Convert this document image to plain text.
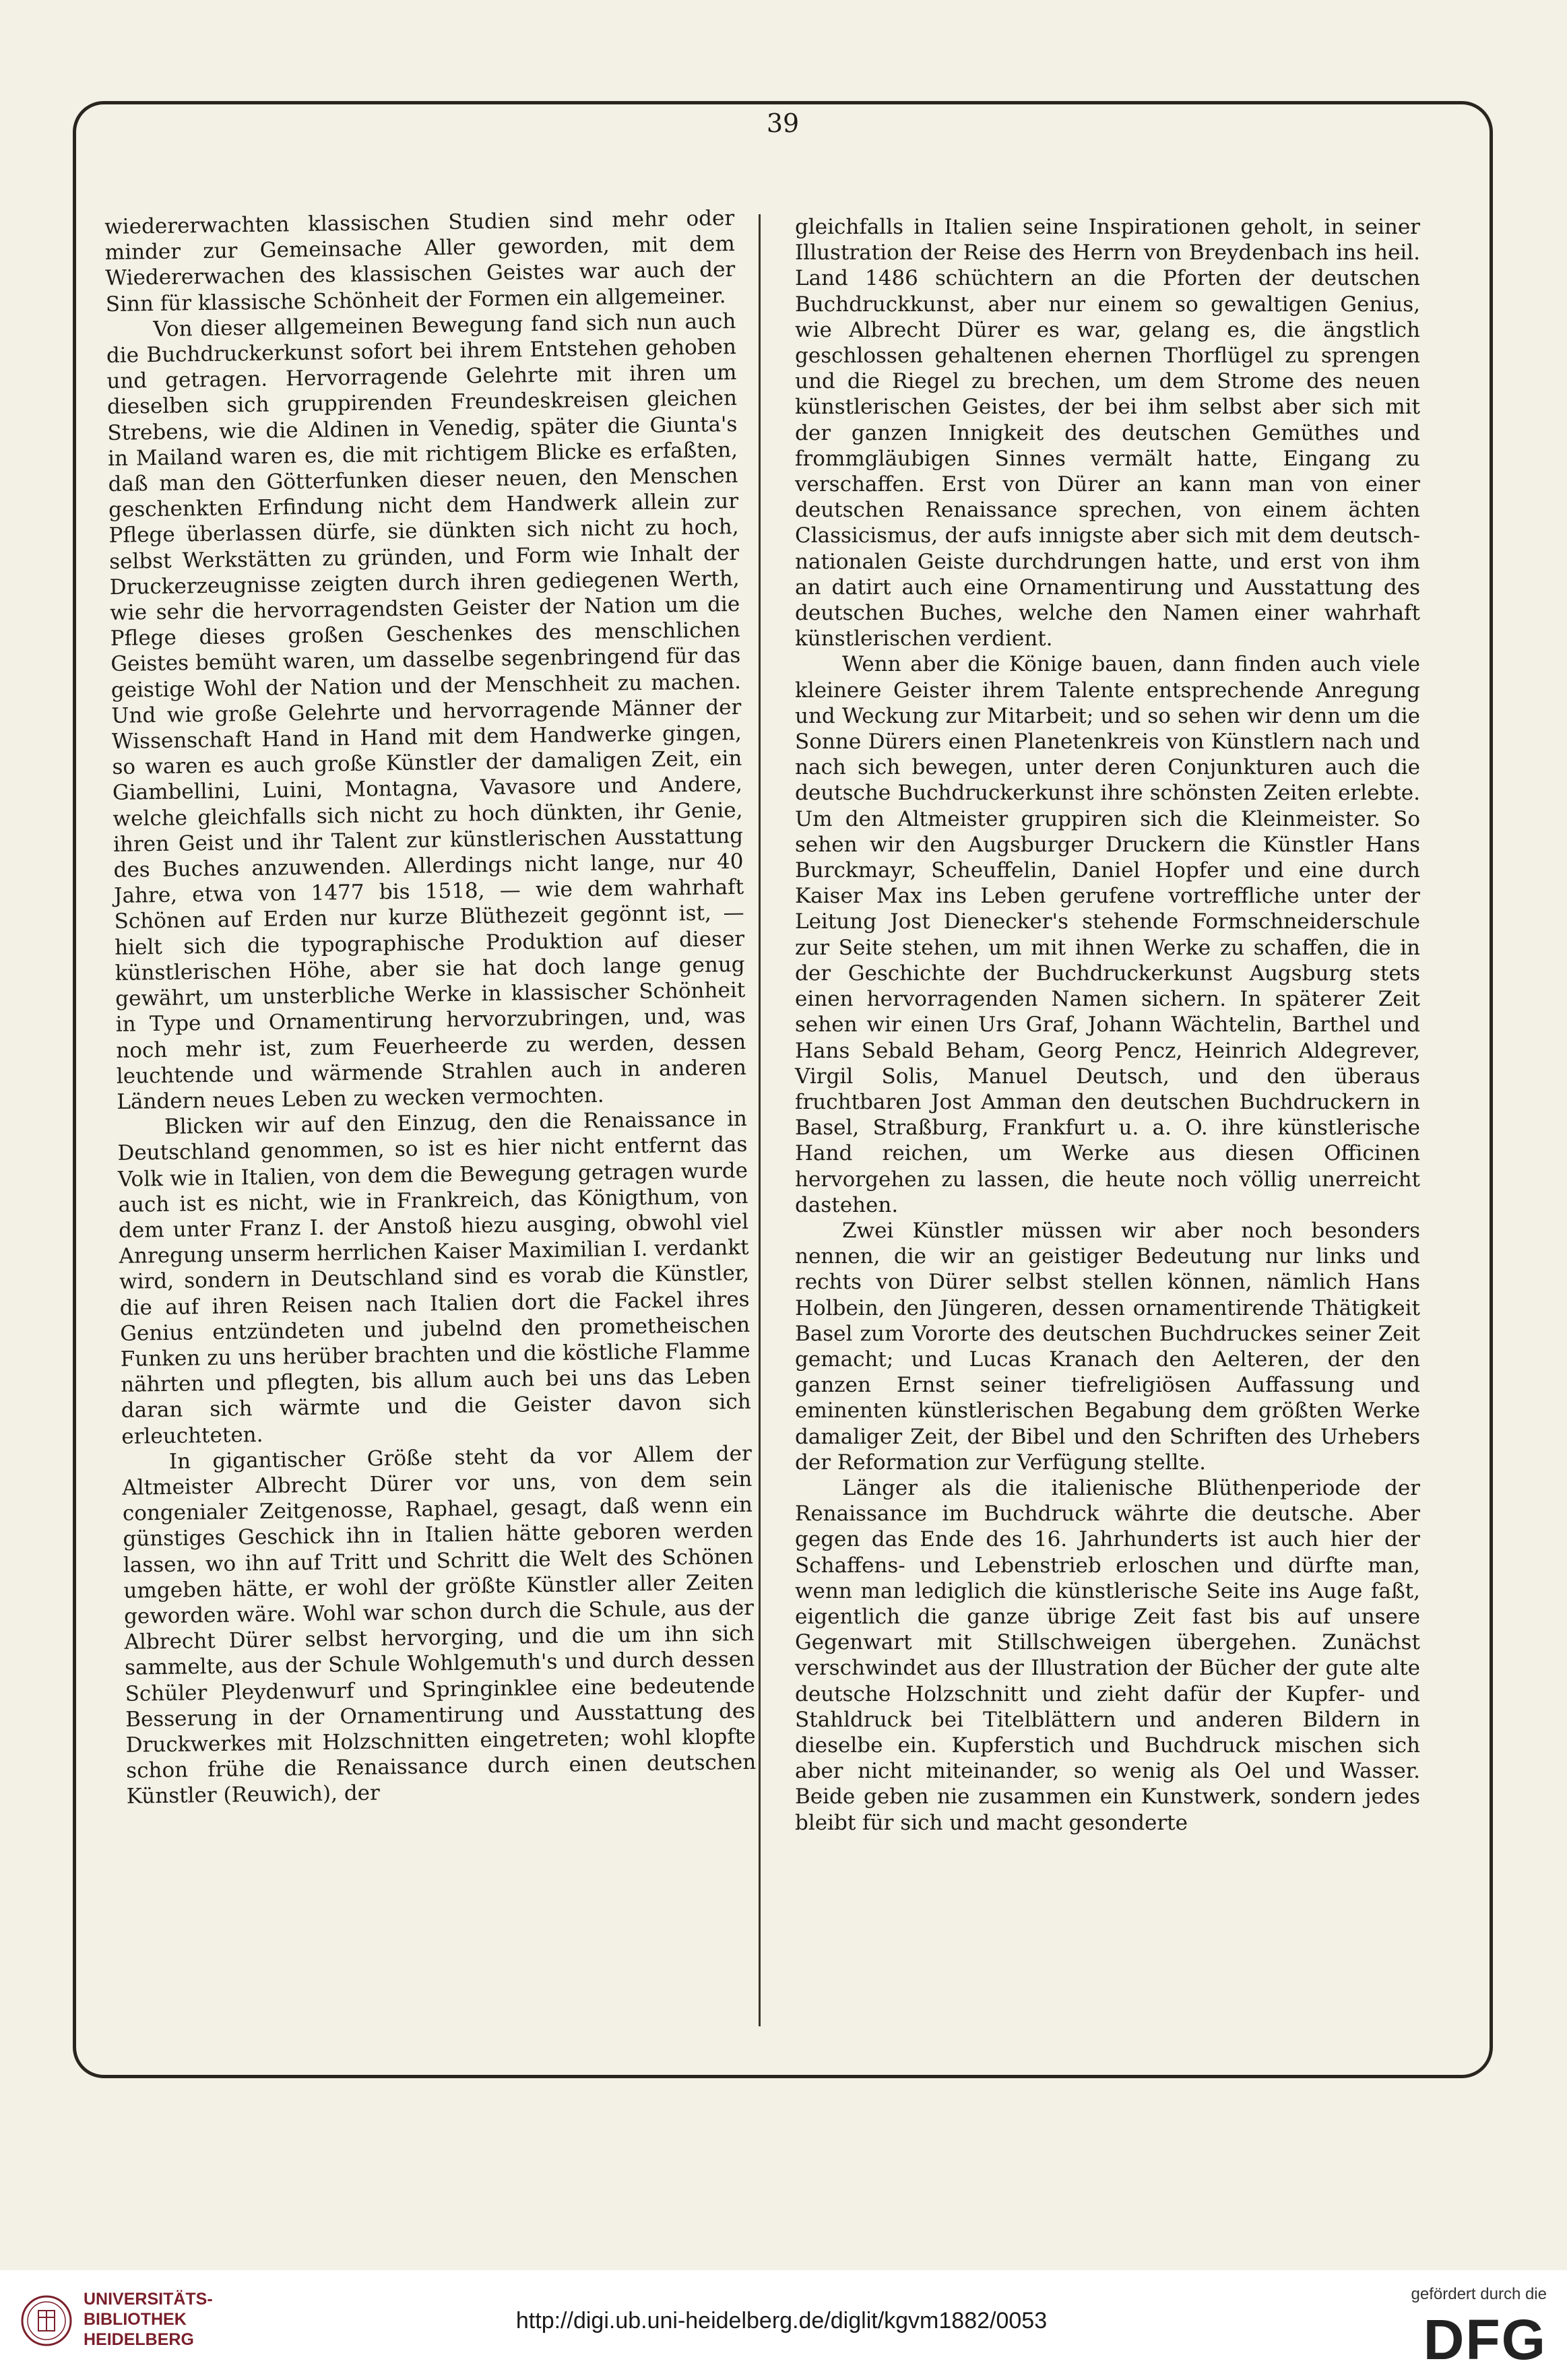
39

wiedererwachten klassischen Studien sind mehr oder minder zur Gemeinsache Aller geworden, mit dem Wiedererwachen des klassischen Geistes war auch der Sinn für klassische Schönheit der Formen ein allgemeiner.

Von dieser allgemeinen Bewegung fand sich nun auch die Buchdruckerkunst sofort bei ihrem Entstehen gehoben und getragen. Hervorragende Gelehrte mit ihren um dieselben sich gruppirenden Freundeskreisen gleichen Strebens, wie die Aldinen in Venedig, später die Giunta's in Mailand waren es, die mit richtigem Blicke es erfaßten, daß man den Götterfunken dieser neuen, den Menschen geschenkten Erfindung nicht dem Handwerk allein zur Pflege überlassen dürfe, sie dünkten sich nicht zu hoch, selbst Werkstätten zu gründen, und Form wie Inhalt der Druckerzeugnisse zeigten durch ihren gediegenen Werth, wie sehr die hervorragendsten Geister der Nation um die Pflege dieses großen Geschenkes des menschlichen Geistes bemüht waren, um dasselbe segenbringend für das geistige Wohl der Nation und der Menschheit zu machen. Und wie große Gelehrte und hervorragende Männer der Wissenschaft Hand in Hand mit dem Handwerke gingen, so waren es auch große Künstler der damaligen Zeit, ein Giambellini, Luini, Montagna, Vavasore und Andere, welche gleichfalls sich nicht zu hoch dünkten, ihr Genie, ihren Geist und ihr Talent zur künstlerischen Ausstattung des Buches anzuwenden. Allerdings nicht lange, nur 40 Jahre, etwa von 1477 bis 1518, — wie dem wahrhaft Schönen auf Erden nur kurze Blüthezeit gegönnt ist, — hielt sich die typographische Produktion auf dieser künstlerischen Höhe, aber sie hat doch lange genug gewährt, um unsterbliche Werke in klassischer Schönheit in Type und Ornamentirung hervorzubringen, und, was noch mehr ist, zum Feuerheerde zu werden, dessen leuchtende und wärmende Strahlen auch in anderen Ländern neues Leben zu wecken vermochten.

Blicken wir auf den Einzug, den die Renaissance in Deutschland genommen, so ist es hier nicht entfernt das Volk wie in Italien, von dem die Bewegung getragen wurde auch ist es nicht, wie in Frankreich, das Königthum, von dem unter Franz I. der Anstoß hiezu ausging, obwohl viel Anregung unserm herrlichen Kaiser Maximilian I. verdankt wird, sondern in Deutschland sind es vorab die Künstler, die auf ihren Reisen nach Italien dort die Fackel ihres Genius entzündeten und jubelnd den prometheischen Funken zu uns herüber brachten und die köstliche Flamme nährten und pflegten, bis allum auch bei uns das Leben daran sich wärmte und die Geister davon sich erleuchteten.

In gigantischer Größe steht da vor Allem der Altmeister Albrecht Dürer vor uns, von dem sein congenialer Zeitgenosse, Raphael, gesagt, daß wenn ein günstiges Geschick ihn in Italien hätte geboren werden lassen, wo ihn auf Tritt und Schritt die Welt des Schönen umgeben hätte, er wohl der größte Künstler aller Zeiten geworden wäre. Wohl war schon durch die Schule, aus der Albrecht Dürer selbst hervorging, und die um ihn sich sammelte, aus der Schule Wohlgemuth's und durch dessen Schüler Pleydenwurf und Springinklee eine bedeutende Besserung in der Ornamentirung und Ausstattung des Druckwerkes mit Holzschnitten eingetreten; wohl klopfte schon frühe die Renaissance durch einen deutschen Künstler (Reuwich), der

gleichfalls in Italien seine Inspirationen geholt, in seiner Illustration der Reise des Herrn von Breydenbach ins heil. Land 1486 schüchtern an die Pforten der deutschen Buchdruckkunst, aber nur einem so gewaltigen Genius, wie Albrecht Dürer es war, gelang es, die ängstlich geschlossen gehaltenen ehernen Thorflügel zu sprengen und die Riegel zu brechen, um dem Strome des neuen künstlerischen Geistes, der bei ihm selbst aber sich mit der ganzen Innigkeit des deutschen Gemüthes und frommgläubigen Sinnes vermält hatte, Eingang zu verschaffen. Erst von Dürer an kann man von einer deutschen Renaissance sprechen, von einem ächten Classicismus, der aufs innigste aber sich mit dem deutsch-nationalen Geiste durchdrungen hatte, und erst von ihm an datirt auch eine Ornamentirung und Ausstattung des deutschen Buches, welche den Namen einer wahrhaft künstlerischen verdient.

Wenn aber die Könige bauen, dann finden auch viele kleinere Geister ihrem Talente entsprechende Anregung und Weckung zur Mitarbeit; und so sehen wir denn um die Sonne Dürers einen Planetenkreis von Künstlern nach und nach sich bewegen, unter deren Conjunkturen auch die deutsche Buchdruckerkunst ihre schönsten Zeiten erlebte. Um den Altmeister gruppiren sich die Kleinmeister. So sehen wir den Augsburger Druckern die Künstler Hans Burckmayr, Scheuffelin, Daniel Hopfer und eine durch Kaiser Max ins Leben gerufene vortreffliche unter der Leitung Jost Dienecker's stehende Formschneiderschule zur Seite stehen, um mit ihnen Werke zu schaffen, die in der Geschichte der Buchdruckerkunst Augsburg stets einen hervorragenden Namen sichern. In späterer Zeit sehen wir einen Urs Graf, Johann Wächtelin, Barthel und Hans Sebald Beham, Georg Pencz, Heinrich Aldegrever, Virgil Solis, Manuel Deutsch, und den überaus fruchtbaren Jost Amman den deutschen Buchdruckern in Basel, Straßburg, Frankfurt u. a. O. ihre künstlerische Hand reichen, um Werke aus diesen Officinen hervorgehen zu lassen, die heute noch völlig unerreicht dastehen.

Zwei Künstler müssen wir aber noch besonders nennen, die wir an geistiger Bedeutung nur links und rechts von Dürer selbst stellen können, nämlich Hans Holbein, den Jüngeren, dessen ornamentirende Thätigkeit Basel zum Vororte des deutschen Buchdruckes seiner Zeit gemacht; und Lucas Kranach den Aelteren, der den ganzen Ernst seiner tiefreligiösen Auffassung und eminenten künstlerischen Begabung dem größten Werke damaliger Zeit, der Bibel und den Schriften des Urhebers der Reformation zur Verfügung stellte.

Länger als die italienische Blüthenperiode der Renaissance im Buchdruck währte die deutsche. Aber gegen das Ende des 16. Jahrhunderts ist auch hier der Schaffens- und Lebenstrieb erloschen und dürfte man, wenn man lediglich die künstlerische Seite ins Auge faßt, eigentlich die ganze übrige Zeit fast bis auf unsere Gegenwart mit Stillschweigen übergehen. Zunächst verschwindet aus der Illustration der Bücher der gute alte deutsche Holzschnitt und zieht dafür der Kupfer- und Stahldruck bei Titelblättern und anderen Bildern in dieselbe ein. Kupferstich und Buchdruck mischen sich aber nicht miteinander, so wenig als Oel und Wasser. Beide geben nie zusammen ein Kunstwerk, sondern jedes bleibt für sich und macht gesonderte

UNIVERSITÄTS-
BIBLIOTHEK
HEIDELBERG
http://digi.ub.uni-heidelberg.de/diglit/kgvm1882/0053
gefördert durch die
DFG
